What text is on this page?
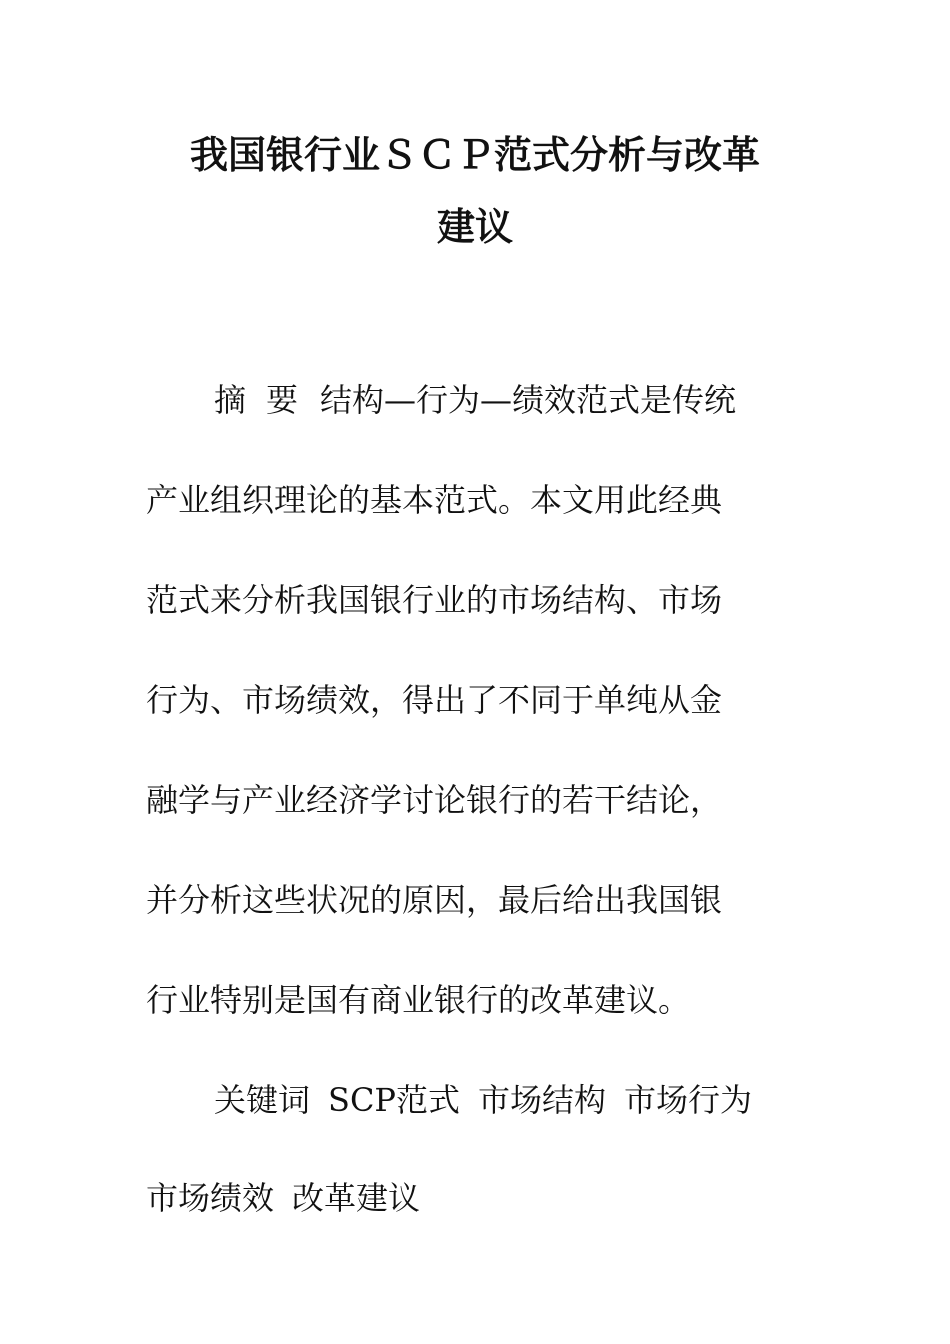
我国银行业ＳＣＰ范式分析与改革
建议
摘要 结构—行为—绩效范式是传统
产业组织理论的基本范式。本文用此经典
范式来分析我国银行业的市场结构、市场
行为、市场绩效，得出了不同于单纯从金
融学与产业经济学讨论银行的若干结论，
并分析这些状况的原因，最后给出我国银
行业特别是国有商业银行的改革建议。
关键词 SCP范式 市场结构 市场行为
市场绩效 改革建议
